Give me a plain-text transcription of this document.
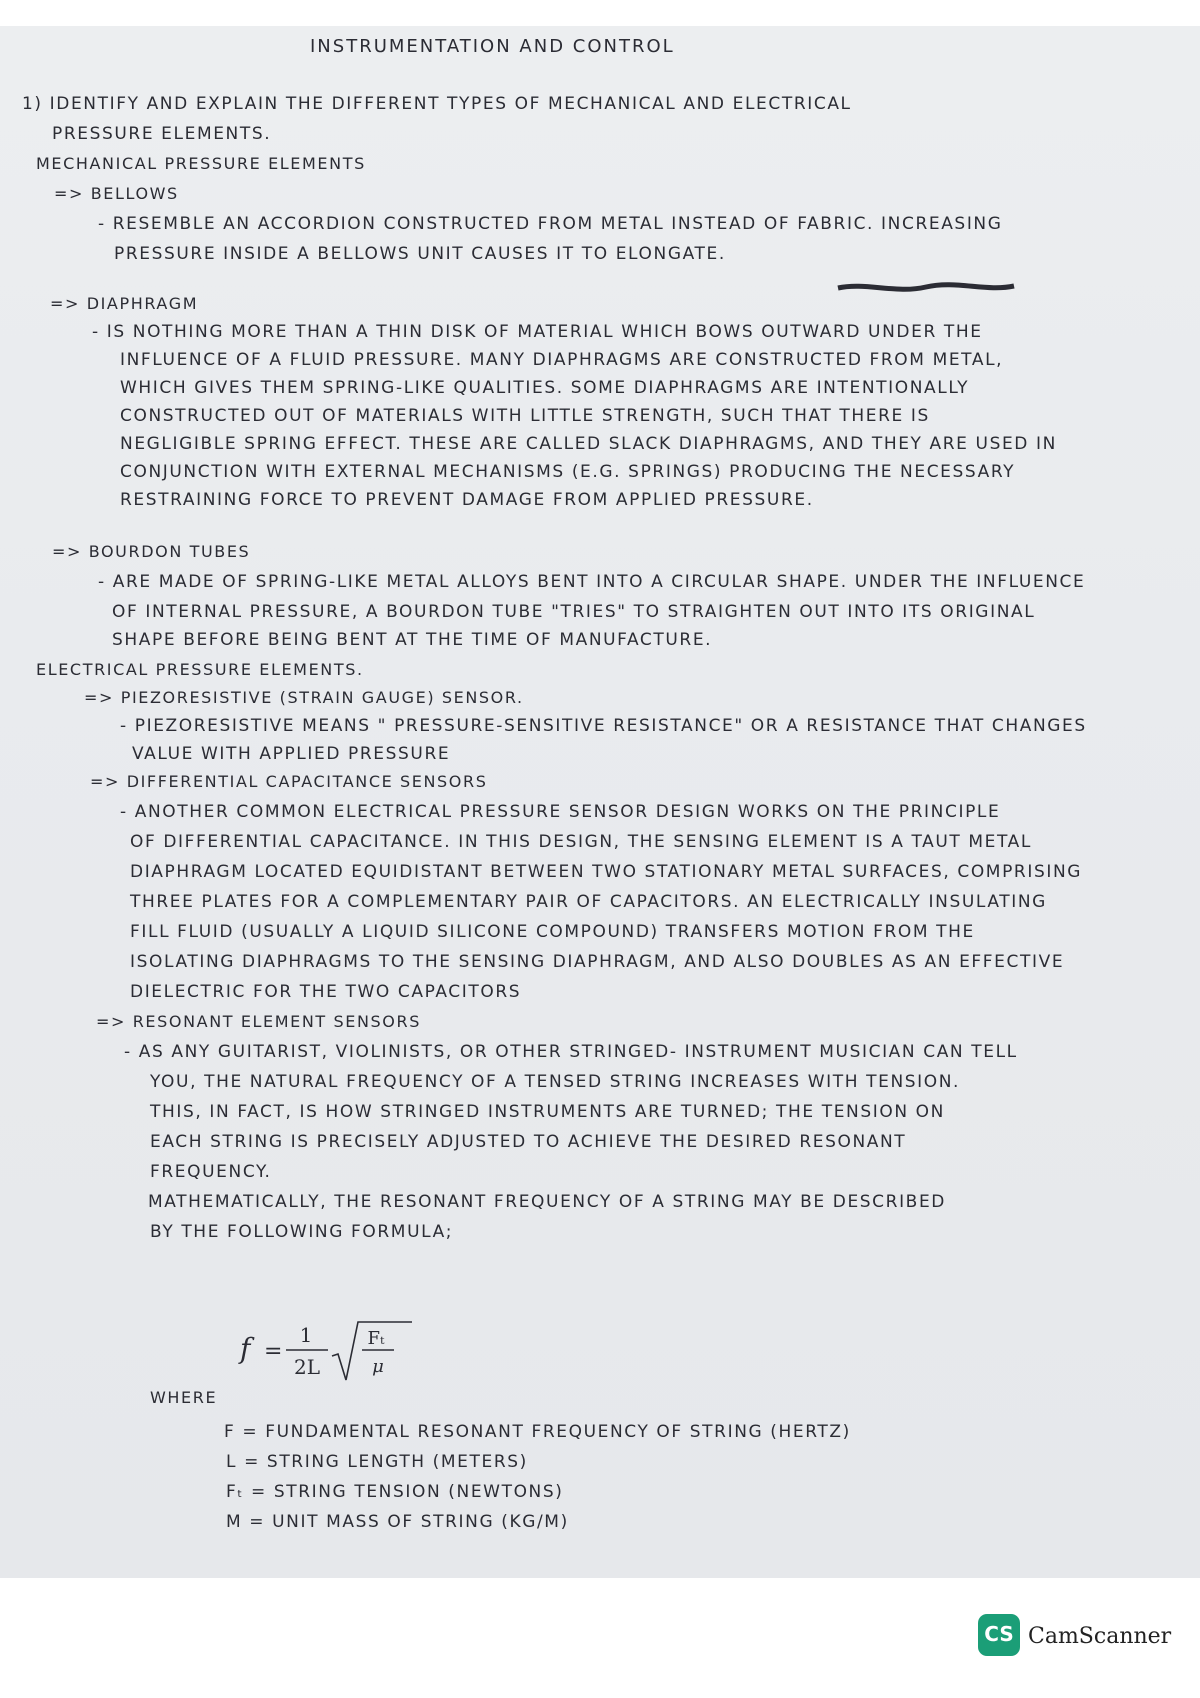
INSTRUMENTATION AND CONTROL
1) IDENTIFY AND EXPLAIN THE DIFFERENT TYPES OF MECHANICAL AND ELECTRICAL
PRESSURE ELEMENTS.
MECHANICAL PRESSURE ELEMENTS
=> BELLOWS
- RESEMBLE AN ACCORDION CONSTRUCTED FROM METAL INSTEAD OF FABRIC. INCREASING
PRESSURE INSIDE A BELLOWS UNIT CAUSES IT TO ELONGATE.
=> DIAPHRAGM
- IS NOTHING MORE THAN A THIN DISK OF MATERIAL WHICH BOWS OUTWARD UNDER THE
INFLUENCE OF A FLUID PRESSURE. MANY DIAPHRAGMS ARE CONSTRUCTED FROM METAL,
WHICH GIVES THEM SPRING-LIKE QUALITIES. SOME DIAPHRAGMS ARE INTENTIONALLY
CONSTRUCTED OUT OF MATERIALS WITH LITTLE STRENGTH, SUCH THAT THERE IS
NEGLIGIBLE SPRING EFFECT. THESE ARE CALLED SLACK DIAPHRAGMS, AND THEY ARE USED IN
CONJUNCTION WITH EXTERNAL MECHANISMS (E.G. SPRINGS) PRODUCING THE NECESSARY
RESTRAINING FORCE TO PREVENT DAMAGE FROM APPLIED PRESSURE.
=> BOURDON TUBES
- ARE MADE OF SPRING-LIKE METAL ALLOYS BENT INTO A CIRCULAR SHAPE. UNDER THE INFLUENCE
OF INTERNAL PRESSURE, A BOURDON TUBE "TRIES" TO STRAIGHTEN OUT INTO ITS ORIGINAL
SHAPE BEFORE BEING BENT AT THE TIME OF MANUFACTURE.
ELECTRICAL PRESSURE ELEMENTS.
=> PIEZORESISTIVE (STRAIN GAUGE) SENSOR.
- PIEZORESISTIVE MEANS " PRESSURE-SENSITIVE RESISTANCE" OR A RESISTANCE THAT CHANGES
VALUE WITH APPLIED PRESSURE
=> DIFFERENTIAL CAPACITANCE SENSORS
- ANOTHER COMMON ELECTRICAL PRESSURE SENSOR DESIGN WORKS ON THE PRINCIPLE
OF DIFFERENTIAL CAPACITANCE. IN THIS DESIGN, THE SENSING ELEMENT IS A TAUT METAL
DIAPHRAGM LOCATED EQUIDISTANT BETWEEN TWO STATIONARY METAL SURFACES, COMPRISING
THREE PLATES FOR A COMPLEMENTARY PAIR OF CAPACITORS. AN ELECTRICALLY INSULATING
FILL FLUID (USUALLY A LIQUID SILICONE COMPOUND) TRANSFERS MOTION FROM THE
ISOLATING DIAPHRAGMS TO THE SENSING DIAPHRAGM, AND ALSO DOUBLES AS AN EFFECTIVE
DIELECTRIC FOR THE TWO CAPACITORS
=> RESONANT ELEMENT SENSORS
- AS ANY GUITARIST, VIOLINISTS, OR OTHER STRINGED- INSTRUMENT MUSICIAN CAN TELL
YOU, THE NATURAL FREQUENCY OF A TENSED STRING INCREASES WITH TENSION.
THIS, IN FACT, IS HOW STRINGED INSTRUMENTS ARE TURNED; THE TENSION ON
EACH STRING IS PRECISELY ADJUSTED TO ACHIEVE THE DESIRED RESONANT
FREQUENCY.
MATHEMATICALLY, THE RESONANT FREQUENCY OF A STRING MAY BE DESCRIBED
BY THE FOLLOWING FORMULA;
f =
1
2L
Fₜ
μ
WHERE
F = FUNDAMENTAL RESONANT FREQUENCY OF STRING (HERTZ)
L = STRING LENGTH (METERS)
Fₜ = STRING TENSION (NEWTONS)
M = UNIT MASS OF STRING (KG/M)
CS CamScanner
